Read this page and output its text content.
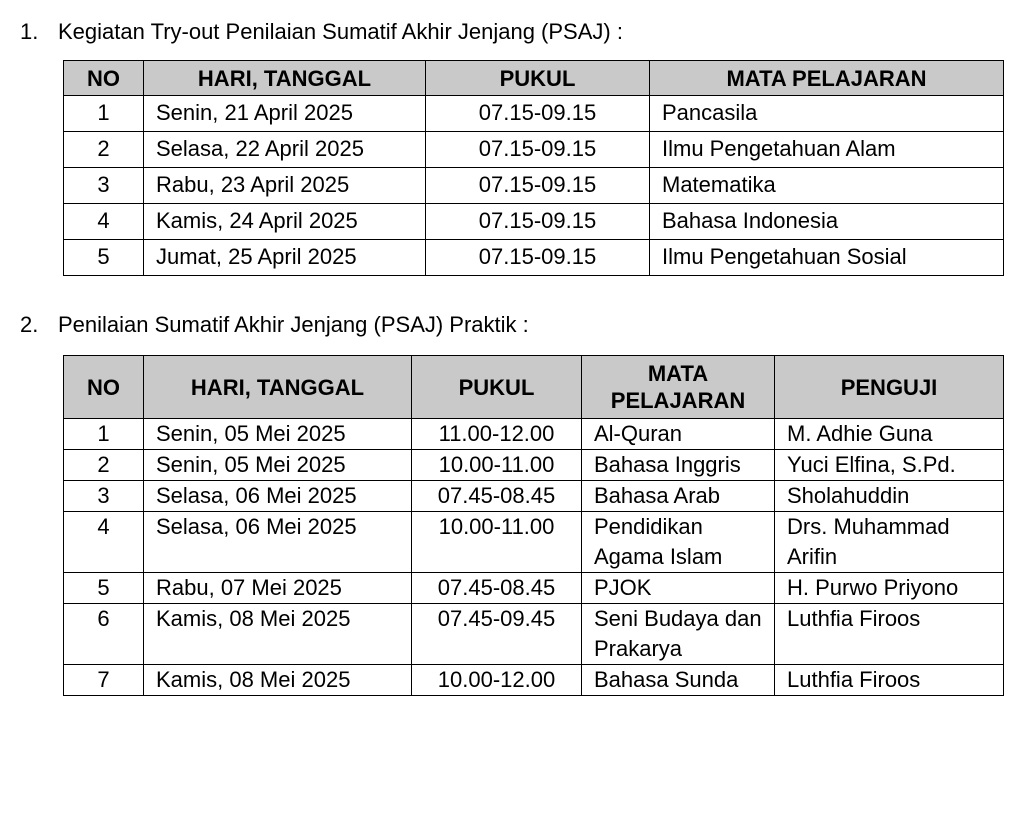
1. Kegiatan Try-out Penilaian Sumatif Akhir Jenjang (PSAJ) :
NO	HARI, TANGGAL	PUKUL	MATA PELAJARAN
1	Senin, 21 April 2025	07.15-09.15	Pancasila
2	Selasa, 22 April 2025	07.15-09.15	Ilmu Pengetahuan Alam
3	Rabu, 23 April 2025	07.15-09.15	Matematika
4	Kamis, 24 April 2025	07.15-09.15	Bahasa Indonesia
5	Jumat, 25 April 2025	07.15-09.15	Ilmu Pengetahuan Sosial
2. Penilaian Sumatif Akhir Jenjang (PSAJ) Praktik :
NO	HARI, TANGGAL	PUKUL	MATA PELAJARAN	PENGUJI
1	Senin, 05 Mei 2025	11.00-12.00	Al-Quran	M. Adhie Guna
2	Senin, 05 Mei 2025	10.00-11.00	Bahasa Inggris	Yuci Elfina, S.Pd.
3	Selasa, 06 Mei 2025	07.45-08.45	Bahasa Arab	Sholahuddin
4	Selasa, 06 Mei 2025	10.00-11.00	Pendidikan Agama Islam	Drs. Muhammad Arifin
5	Rabu, 07 Mei 2025	07.45-08.45	PJOK	H. Purwo Priyono
6	Kamis, 08 Mei 2025	07.45-09.45	Seni Budaya dan Prakarya	Luthfia Firoos
7	Kamis, 08 Mei 2025	10.00-12.00	Bahasa Sunda	Luthfia Firoos
